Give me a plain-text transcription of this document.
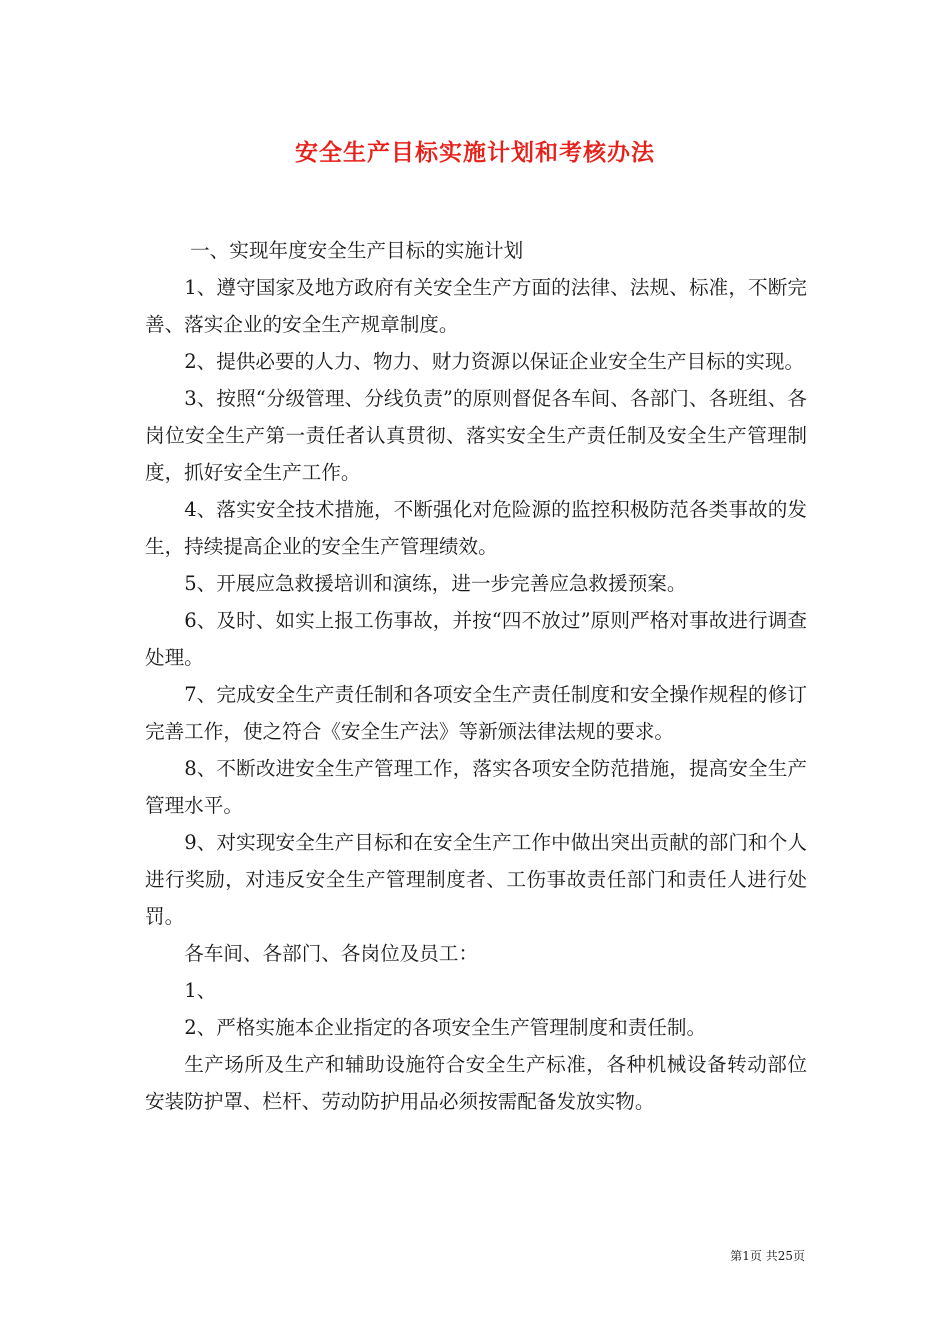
安全生产目标实施计划和考核办法

一、实现年度安全生产目标的实施计划

1、遵守国家及地方政府有关安全生产方面的法律、法规、标准，不断完善、落实企业的安全生产规章制度。

2、提供必要的人力、物力、财力资源以保证企业安全生产目标的实现。

3、按照“分级管理、分线负责”的原则督促各车间、各部门、各班组、各岗位安全生产第一责任者认真贯彻、落实安全生产责任制及安全生产管理制度，抓好安全生产工作。

4、落实安全技术措施，不断强化对危险源的监控积极防范各类事故的发生，持续提高企业的安全生产管理绩效。

5、开展应急救援培训和演练，进一步完善应急救援预案。

6、及时、如实上报工伤事故，并按“四不放过”原则严格对事故进行调查处理。

7、完成安全生产责任制和各项安全生产责任制度和安全操作规程的修订完善工作，使之符合《安全生产法》等新颁法律法规的要求。

8、不断改进安全生产管理工作，落实各项安全防范措施，提高安全生产管理水平。

9、对实现安全生产目标和在安全生产工作中做出突出贡献的部门和个人进行奖励，对违反安全生产管理制度者、工伤事故责任部门和责任人进行处罚。

各车间、各部门、各岗位及员工：

1、

2、严格实施本企业指定的各项安全生产管理制度和责任制。

生产场所及生产和辅助设施符合安全生产标准，各种机械设备转动部位安装防护罩、栏杆、劳动防护用品必须按需配备发放实物。

第1页 共25页
